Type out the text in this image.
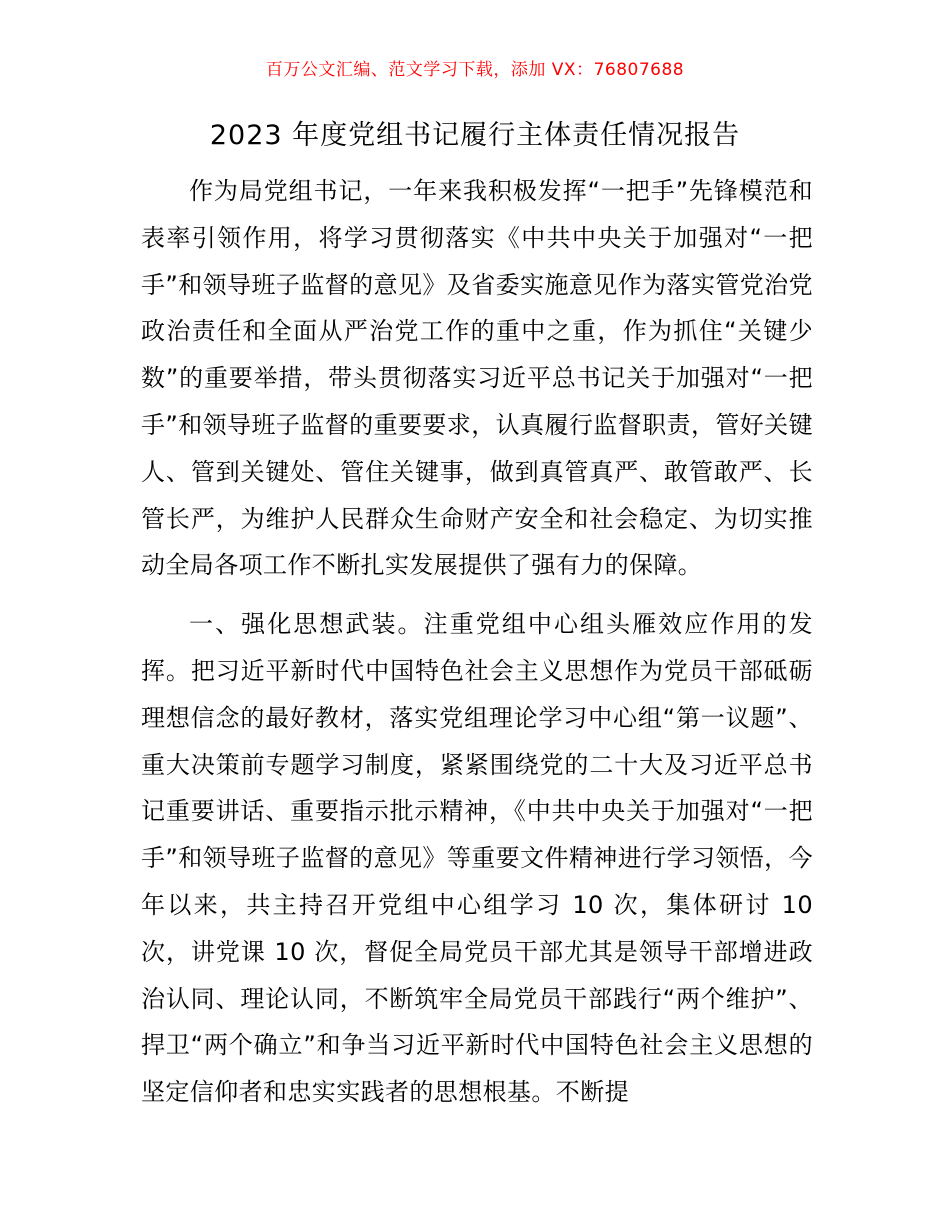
百万公文汇编、范文学习下载，添加 VX：76807688
2023 年度党组书记履行主体责任情况报告

作为局党组书记，一年来我积极发挥“一把手”先锋模范和表率引领作用，将学习贯彻落实《中共中央关于加强对“一把手”和领导班子监督的意见》及省委实施意见作为落实管党治党政治责任和全面从严治党工作的重中之重，作为抓住“关键少数”的重要举措，带头贯彻落实习近平总书记关于加强对“一把手”和领导班子监督的重要要求，认真履行监督职责，管好关键人、管到关键处、管住关键事，做到真管真严、敢管敢严、长管长严，为维护人民群众生命财产安全和社会稳定、为切实推动全局各项工作不断扎实发展提供了强有力的保障。

一、强化思想武装。注重党组中心组头雁效应作用的发挥。把习近平新时代中国特色社会主义思想作为党员干部砥砺理想信念的最好教材，落实党组理论学习中心组“第一议题”、重大决策前专题学习制度，紧紧围绕党的二十大及习近平总书记重要讲话、重要指示批示精神，《中共中央关于加强对“一把手”和领导班子监督的意见》等重要文件精神进行学习领悟，今年以来，共主持召开党组中心组学习 10 次，集体研讨 10 次，讲党课 10 次，督促全局党员干部尤其是领导干部增进政治认同、理论认同，不断筑牢全局党员干部践行“两个维护”、捍卫“两个确立”和争当习近平新时代中国特色社会主义思想的坚定信仰者和忠实实践者的思想根基。不断提
